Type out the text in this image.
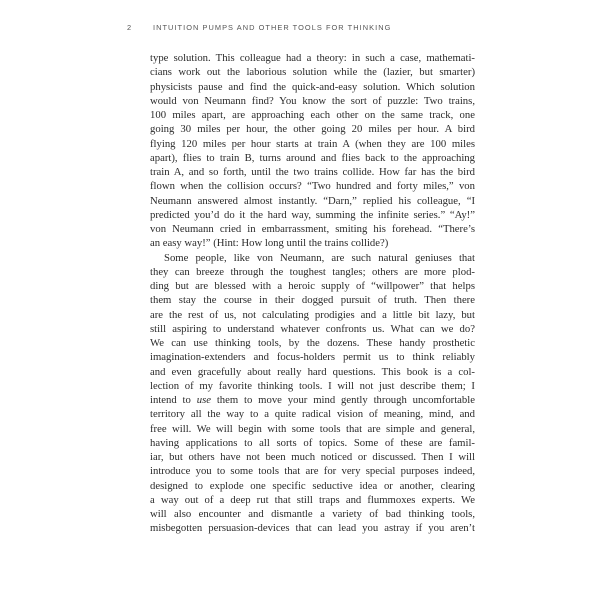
2	INTUITION PUMPS AND OTHER TOOLS FOR THINKING
type solution. This colleague had a theory: in such a case, mathemati-
cians work out the laborious solution while the (lazier, but smarter)
physicists pause and find the quick-and-easy solution. Which solution
would von Neumann find? You know the sort of puzzle: Two trains,
100 miles apart, are approaching each other on the same track, one
going 30 miles per hour, the other going 20 miles per hour. A bird
flying 120 miles per hour starts at train A (when they are 100 miles
apart), flies to train B, turns around and flies back to the approaching
train A, and so forth, until the two trains collide. How far has the bird
flown when the collision occurs? “Two hundred and forty miles,” von
Neumann answered almost instantly. “Darn,” replied his colleague, “I
predicted you’d do it the hard way, summing the infinite series.” “Ay!”
von Neumann cried in embarrassment, smiting his forehead. “There’s
an easy way!” (Hint: How long until the trains collide?)
Some people, like von Neumann, are such natural geniuses that
they can breeze through the toughest tangles; others are more plod-
ding but are blessed with a heroic supply of “willpower” that helps
them stay the course in their dogged pursuit of truth. Then there
are the rest of us, not calculating prodigies and a little bit lazy, but
still aspiring to understand whatever confronts us. What can we do?
We can use thinking tools, by the dozens. These handy prosthetic
imagination-extenders and focus-holders permit us to think reliably
and even gracefully about really hard questions. This book is a col-
lection of my favorite thinking tools. I will not just describe them; I
intend to use them to move your mind gently through uncomfortable
territory all the way to a quite radical vision of meaning, mind, and
free will. We will begin with some tools that are simple and general,
having applications to all sorts of topics. Some of these are famil-
iar, but others have not been much noticed or discussed. Then I will
introduce you to some tools that are for very special purposes indeed,
designed to explode one specific seductive idea or another, clearing
a way out of a deep rut that still traps and flummoxes experts. We
will also encounter and dismantle a variety of bad thinking tools,
misbegotten persuasion-devices that can lead you astray if you aren’t
